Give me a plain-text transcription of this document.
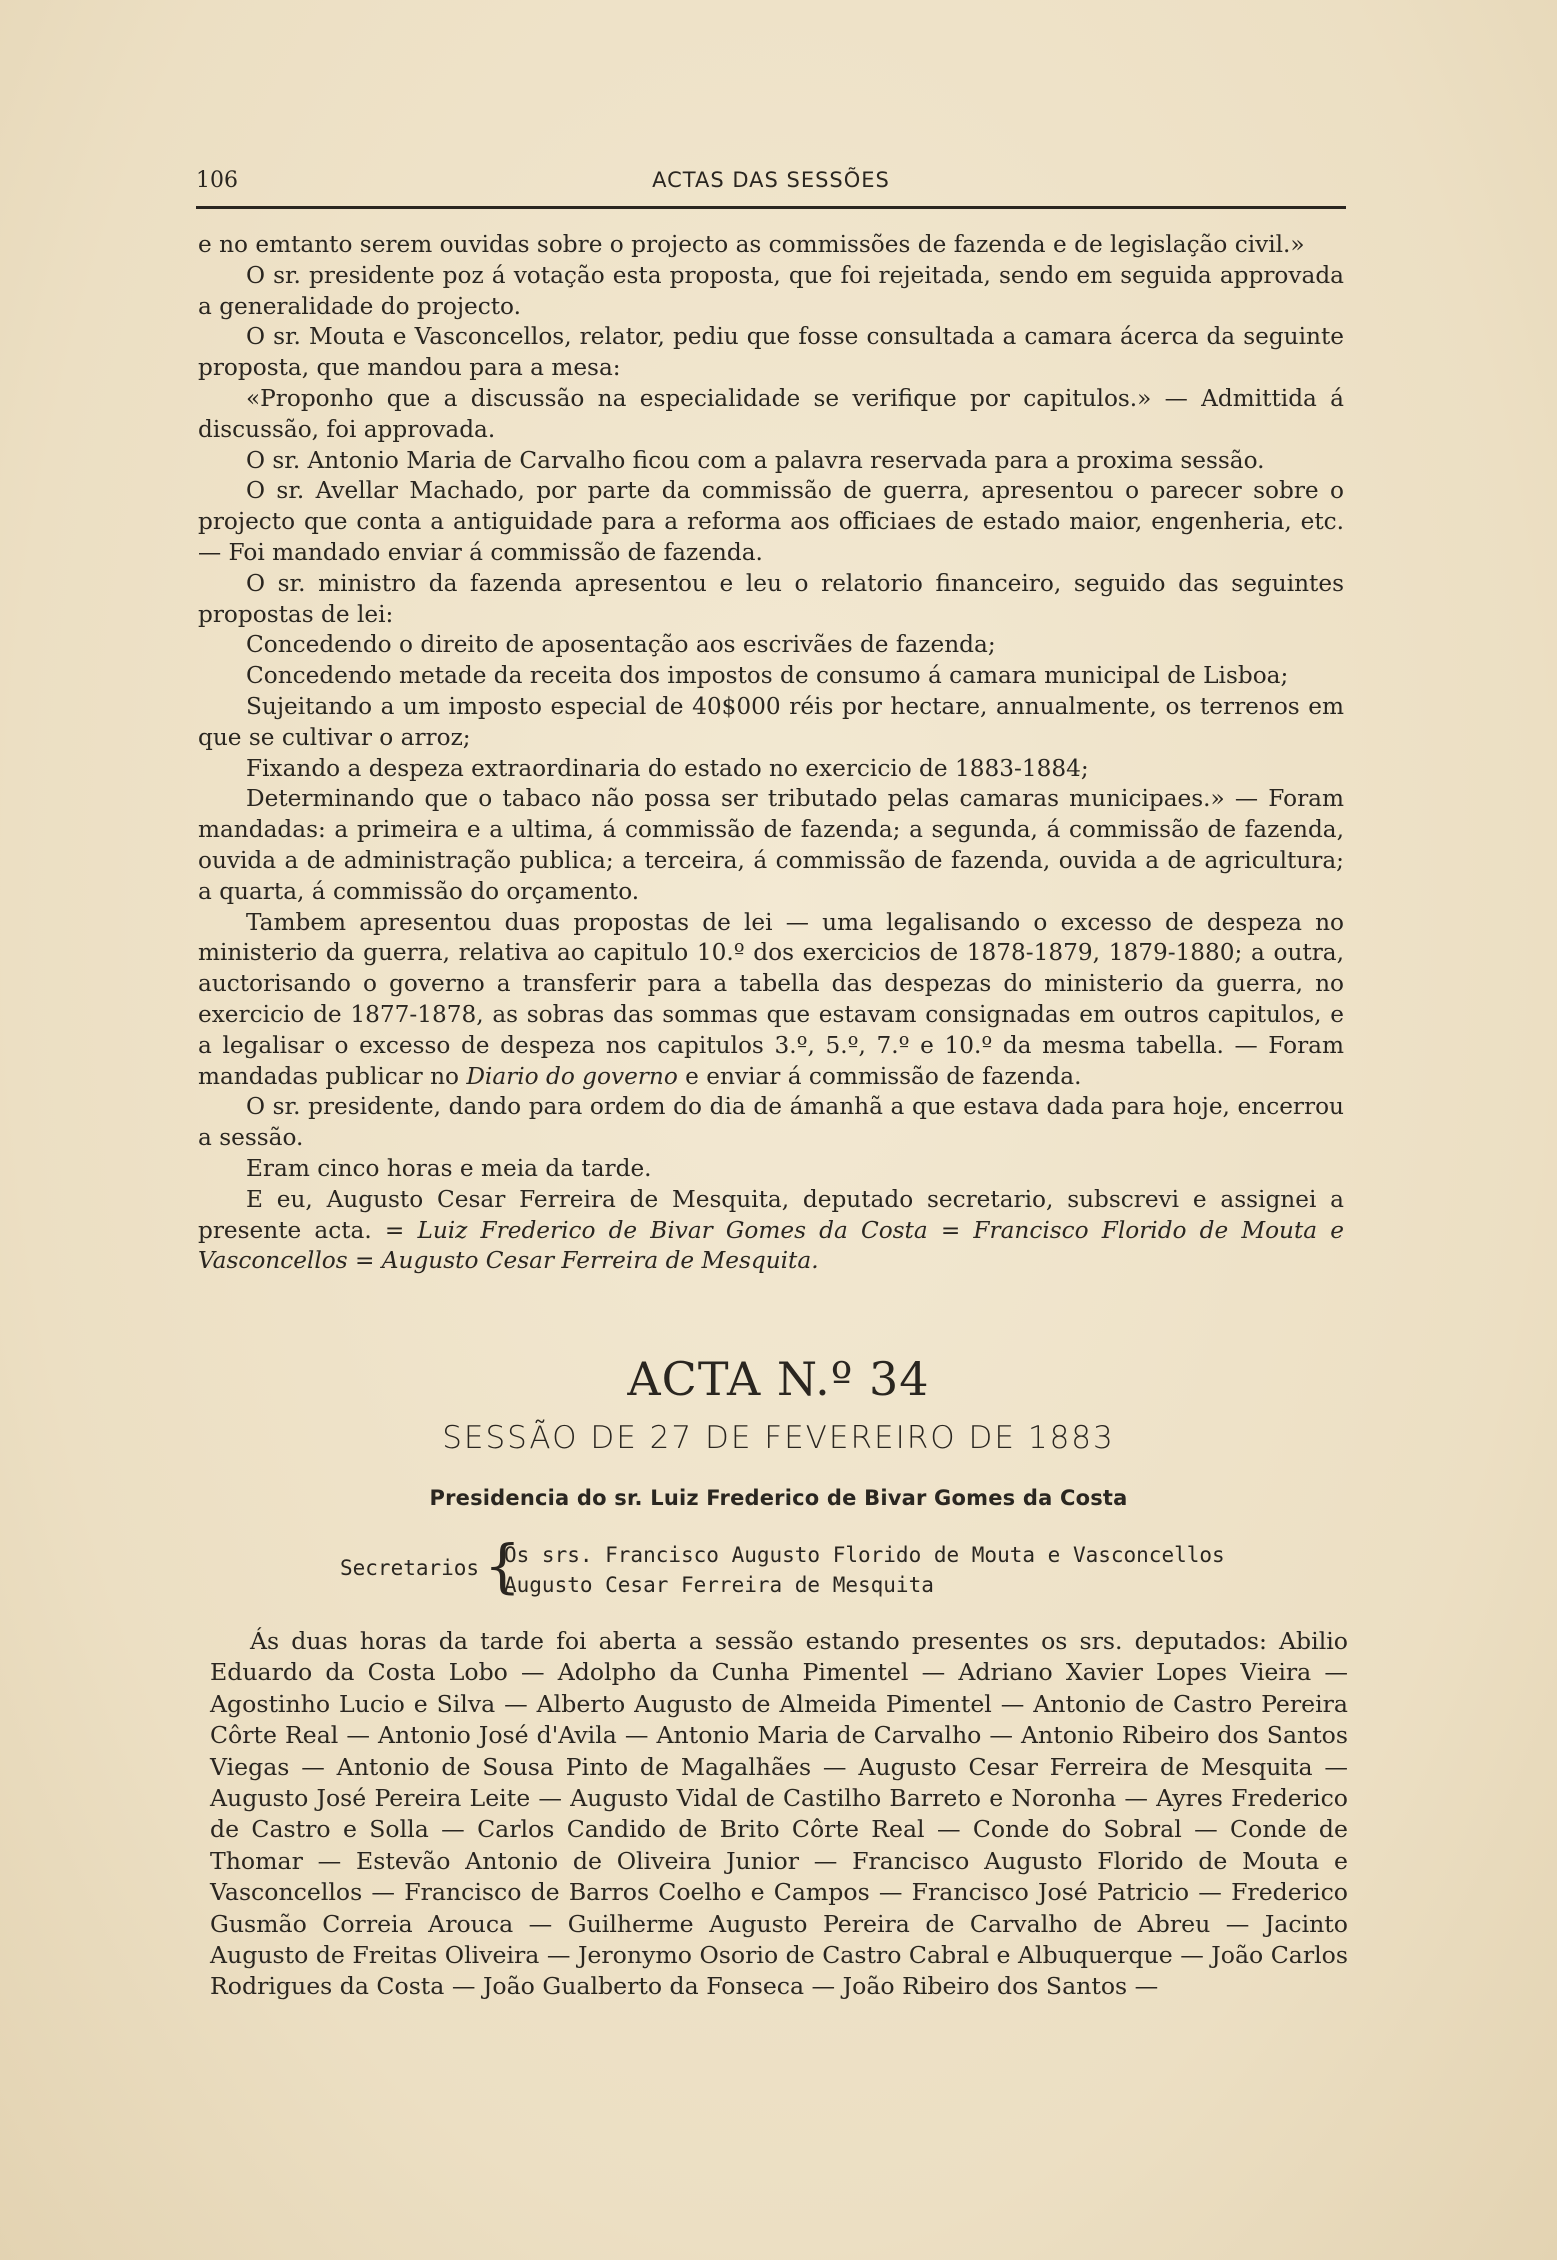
106	ACTAS DAS SESSÕES

e no emtanto serem ouvidas sobre o projecto as commissões de fazenda e de legislação civil.»

O sr. presidente poz á votação esta proposta, que foi rejeitada, sendo em seguida approvada a generalidade do projecto.

O sr. Mouta e Vasconcellos, relator, pediu que fosse consultada a camara ácerca da seguinte proposta, que mandou para a mesa:

«Proponho que a discussão na especialidade se verifique por capitulos.» — Admittida á discussão, foi approvada.

O sr. Antonio Maria de Carvalho ficou com a palavra reservada para a proxima sessão.

O sr. Avellar Machado, por parte da commissão de guerra, apresentou o parecer sobre o projecto que conta a antiguidade para a reforma aos officiaes de estado maior, engenheria, etc. — Foi mandado enviar á commissão de fazenda.

O sr. ministro da fazenda apresentou e leu o relatorio financeiro, seguido das seguintes propostas de lei:

Concedendo o direito de aposentação aos escrivães de fazenda;

Concedendo metade da receita dos impostos de consumo á camara municipal de Lisboa;

Sujeitando a um imposto especial de 40$000 réis por hectare, annualmente, os terrenos em que se cultivar o arroz;

Fixando a despeza extraordinaria do estado no exercicio de 1883-1884;

Determinando que o tabaco não possa ser tributado pelas camaras municipaes.» — Foram mandadas: a primeira e a ultima, á commissão de fazenda; a segunda, á commissão de fazenda, ouvida a de administração publica; a terceira, á commissão de fazenda, ouvida a de agricultura; a quarta, á commissão do orçamento.

Tambem apresentou duas propostas de lei — uma legalisando o excesso de despeza no ministerio da guerra, relativa ao capitulo 10.º dos exercicios de 1878-1879, 1879-1880; a outra, auctorisando o governo a transferir para a tabella das despezas do ministerio da guerra, no exercicio de 1877-1878, as sobras das sommas que estavam consignadas em outros capitulos, e a legalisar o excesso de despeza nos capitulos 3.º, 5.º, 7.º e 10.º da mesma tabella. — Foram mandadas publicar no Diario do governo e enviar á commissão de fazenda.

O sr. presidente, dando para ordem do dia de ámanhã a que estava dada para hoje, encerrou a sessão.

Eram cinco horas e meia da tarde.

E eu, Augusto Cesar Ferreira de Mesquita, deputado secretario, subscrevi e assignei a presente acta. = Luiz Frederico de Bivar Gomes da Costa = Francisco Florido de Mouta e Vasconcellos = Augusto Cesar Ferreira de Mesquita.

ACTA N.º 34
SESSÃO DE 27 DE FEVEREIRO DE 1883
Presidencia do sr. Luiz Frederico de Bivar Gomes da Costa
Secretarios {
Os srs. Francisco Augusto Florido de Mouta e Vasconcellos
Augusto Cesar Ferreira de Mesquita

Ás duas horas da tarde foi aberta a sessão estando presentes os srs. deputados: Abilio Eduardo da Costa Lobo — Adolpho da Cunha Pimentel — Adriano Xavier Lopes Vieira — Agostinho Lucio e Silva — Alberto Augusto de Almeida Pimentel — Antonio de Castro Pereira Côrte Real — Antonio José d'Avila — Antonio Maria de Carvalho — Antonio Ribeiro dos Santos Viegas — Antonio de Sousa Pinto de Magalhães — Augusto Cesar Ferreira de Mesquita — Augusto José Pereira Leite — Augusto Vidal de Castilho Barreto e Noronha — Ayres Frederico de Castro e Solla — Carlos Candido de Brito Côrte Real — Conde do Sobral — Conde de Thomar — Estevão Antonio de Oliveira Junior — Francisco Augusto Florido de Mouta e Vasconcellos — Francisco de Barros Coelho e Campos — Francisco José Patricio — Frederico Gusmão Correia Arouca — Guilherme Augusto Pereira de Carvalho de Abreu — Jacinto Augusto de Freitas Oliveira — Jeronymo Osorio de Castro Cabral e Albuquerque — João Carlos Rodrigues da Costa — João Gualberto da Fonseca — João Ribeiro dos Santos —
